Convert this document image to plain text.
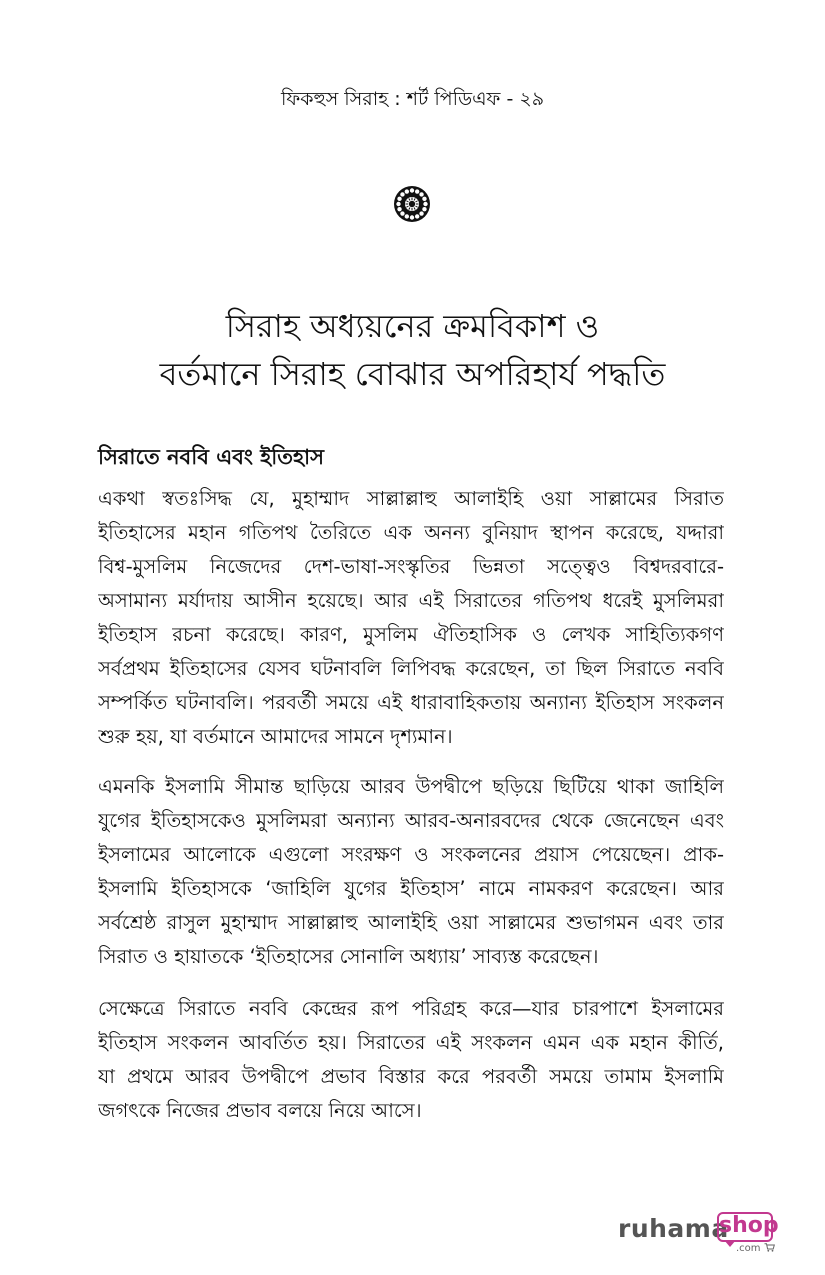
ফিকহুস সিরাহ : শর্ট পিডিএফ - ২৯
সিরাহ অধ্যয়নের ক্রমবিকাশ ও
বর্তমানে সিরাহ বোঝার অপরিহার্য পদ্ধতি
সিরাতে নববি এবং ইতিহাস
একথা স্বতঃসিদ্ধ যে, মুহাম্মাদ সাল্লাল্লাহু আলাইহি ওয়া সাল্লামের সিরাত
ইতিহাসের মহান গতিপথ তৈরিতে এক অনন্য বুনিয়াদ স্থাপন করেছে, যদ্দারা
বিশ্ব-মুসলিম নিজেদের দেশ-ভাষা-সংস্কৃতির ভিন্নতা সত্ত্বেও বিশ্বদরবারে-
অসামান্য মর্যাদায় আসীন হয়েছে। আর এই সিরাতের গতিপথ ধরেই মুসলিমরা
ইতিহাস রচনা করেছে। কারণ, মুসলিম ঐতিহাসিক ও লেখক সাহিত্যিকগণ
সর্বপ্রথম ইতিহাসের যেসব ঘটনাবলি লিপিবদ্ধ করেছেন, তা ছিল সিরাতে নববি
সম্পর্কিত ঘটনাবলি। পরবর্তী সময়ে এই ধারাবাহিকতায় অন্যান্য ইতিহাস সংকলন
শুরু হয়, যা বর্তমানে আমাদের সামনে দৃশ্যমান।
এমনকি ইসলামি সীমান্ত ছাড়িয়ে আরব উপদ্বীপে ছড়িয়ে ছিটিয়ে থাকা জাহিলি
যুগের ইতিহাসকেও মুসলিমরা অন্যান্য আরব-অনারবদের থেকে জেনেছেন এবং
ইসলামের আলোকে এগুলো সংরক্ষণ ও সংকলনের প্রয়াস পেয়েছেন। প্রাক-
ইসলামি ইতিহাসকে ‘জাহিলি যুগের ইতিহাস’ নামে নামকরণ করেছেন। আর
সর্বশ্রেষ্ঠ রাসুল মুহাম্মাদ সাল্লাল্লাহু আলাইহি ওয়া সাল্লামের শুভাগমন এবং তার
সিরাত ও হায়াতকে ‘ইতিহাসের সোনালি অধ্যায়’ সাব্যস্ত করেছেন।
সেক্ষেত্রে সিরাতে নববি কেন্দ্রের রূপ পরিগ্রহ করে—যার চারপাশে ইসলামের
ইতিহাস সংকলন আবর্তিত হয়। সিরাতের এই সংকলন এমন এক মহান কীর্তি,
যা প্রথমে আরব উপদ্বীপে প্রভাব বিস্তার করে পরবর্তী সময়ে তামাম ইসলামি
জগৎকে নিজের প্রভাব বলয়ে নিয়ে আসে।
ruhama
shop
.com
